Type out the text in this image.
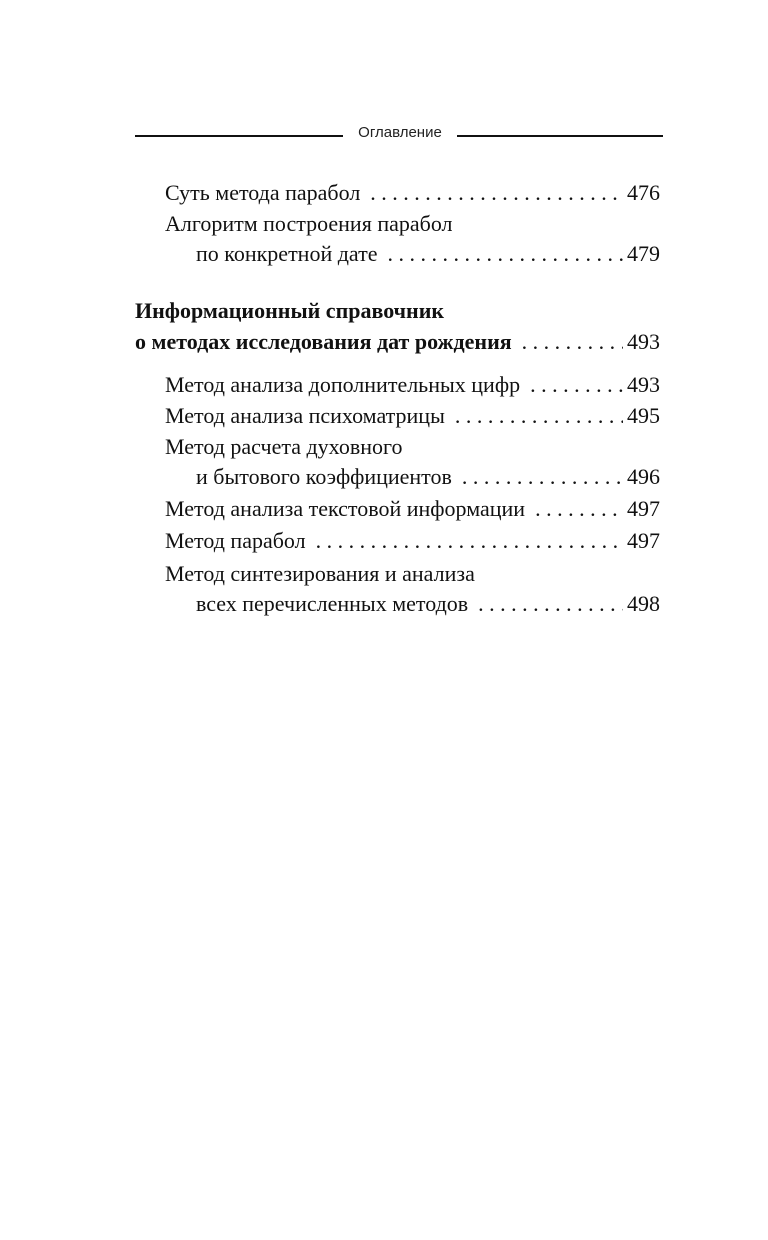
Оглавление
Суть метода парабол . . .	476
Алгоритм построения парабол
по конкретной дате . . .	479
Информационный справочник
о методах исследования дат рождения . . .	493
Метод анализа дополнительных цифр . . .	493
Метод анализа психоматрицы . . .	495
Метод расчета духовного
и бытового коэффициентов . . .	496
Метод анализа текстовой информации . . .	497
Метод парабол . . .	497
Метод синтезирования и анализа
всех перечисленных методов . . .	498
